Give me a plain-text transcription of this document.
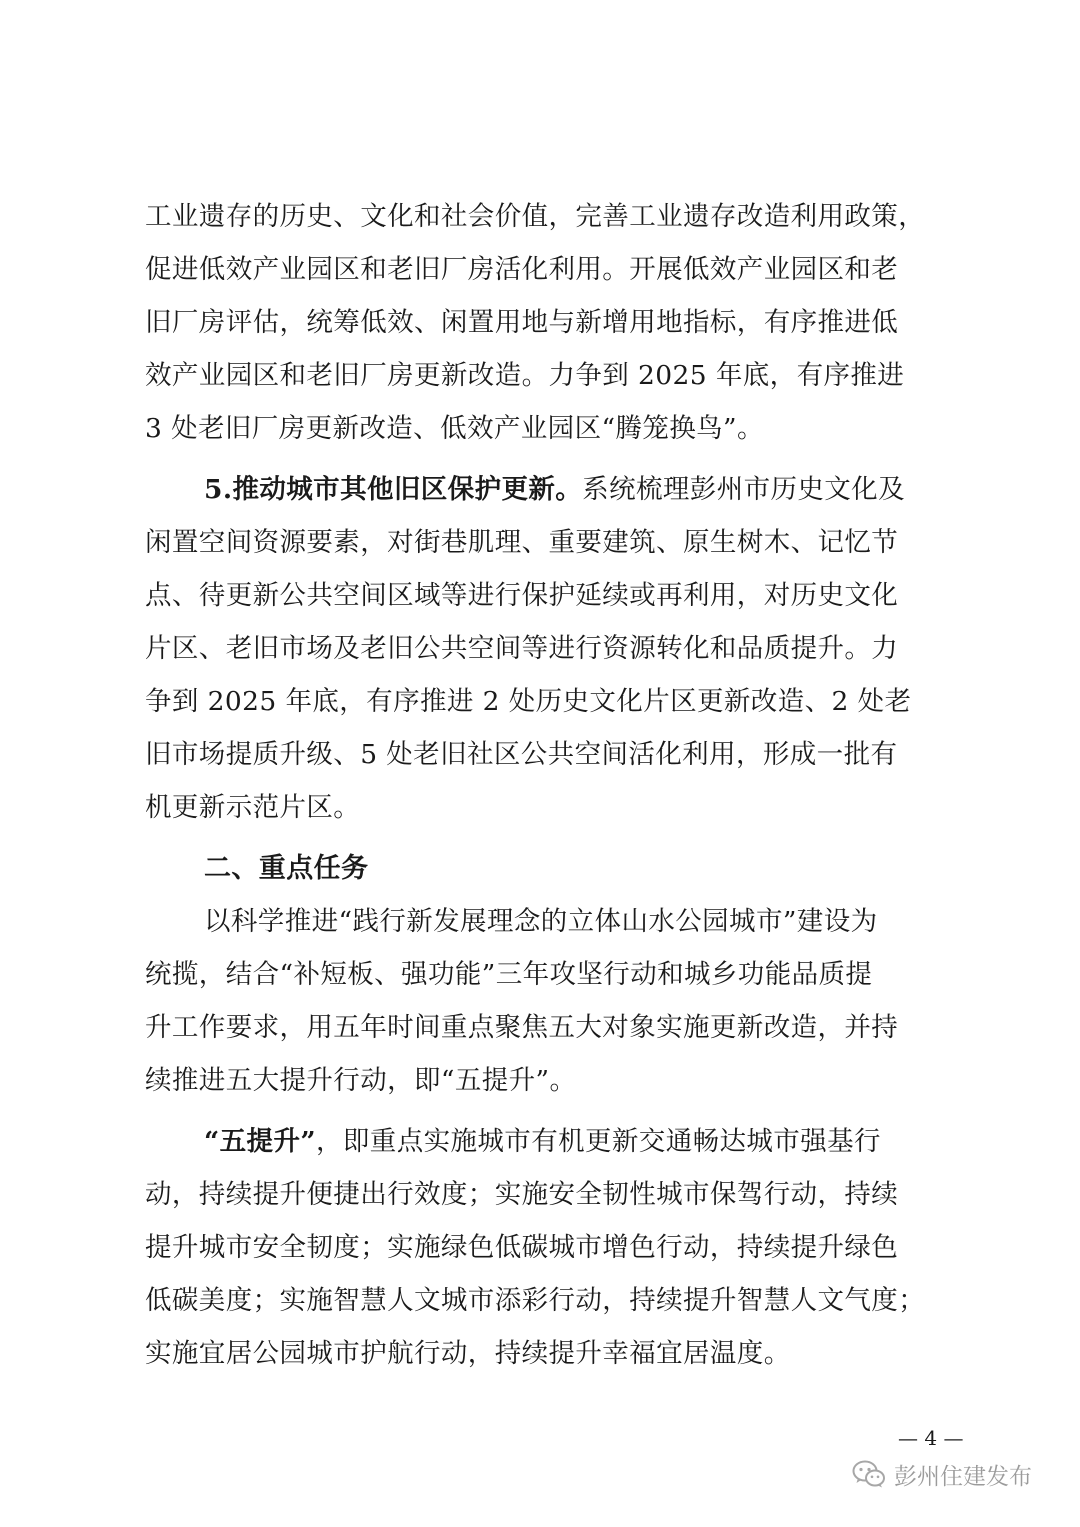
工业遗存的历史、文化和社会价值，完善工业遗存改造利用政策，
促进低效产业园区和老旧厂房活化利用。开展低效产业园区和老
旧厂房评估，统筹低效、闲置用地与新增用地指标，有序推进低
效产业园区和老旧厂房更新改造。力争到 2025 年底，有序推进
3 处老旧厂房更新改造、低效产业园区“腾笼换鸟”。
5.推动城市其他旧区保护更新。系统梳理彭州市历史文化及
闲置空间资源要素，对街巷肌理、重要建筑、原生树木、记忆节
点、待更新公共空间区域等进行保护延续或再利用，对历史文化
片区、老旧市场及老旧公共空间等进行资源转化和品质提升。力
争到 2025 年底，有序推进 2 处历史文化片区更新改造、2 处老
旧市场提质升级、5 处老旧社区公共空间活化利用，形成一批有
机更新示范片区。
二、重点任务
以科学推进“践行新发展理念的立体山水公园城市”建设为
统揽，结合“补短板、强功能”三年攻坚行动和城乡功能品质提
升工作要求，用五年时间重点聚焦五大对象实施更新改造，并持
续推进五大提升行动，即“五提升”。
“五提升”，即重点实施城市有机更新交通畅达城市强基行
动，持续提升便捷出行效度；实施安全韧性城市保驾行动，持续
提升城市安全韧度；实施绿色低碳城市增色行动，持续提升绿色
低碳美度；实施智慧人文城市添彩行动，持续提升智慧人文气度；
实施宜居公园城市护航行动，持续提升幸福宜居温度。
— 4 —
彭州住建发布
